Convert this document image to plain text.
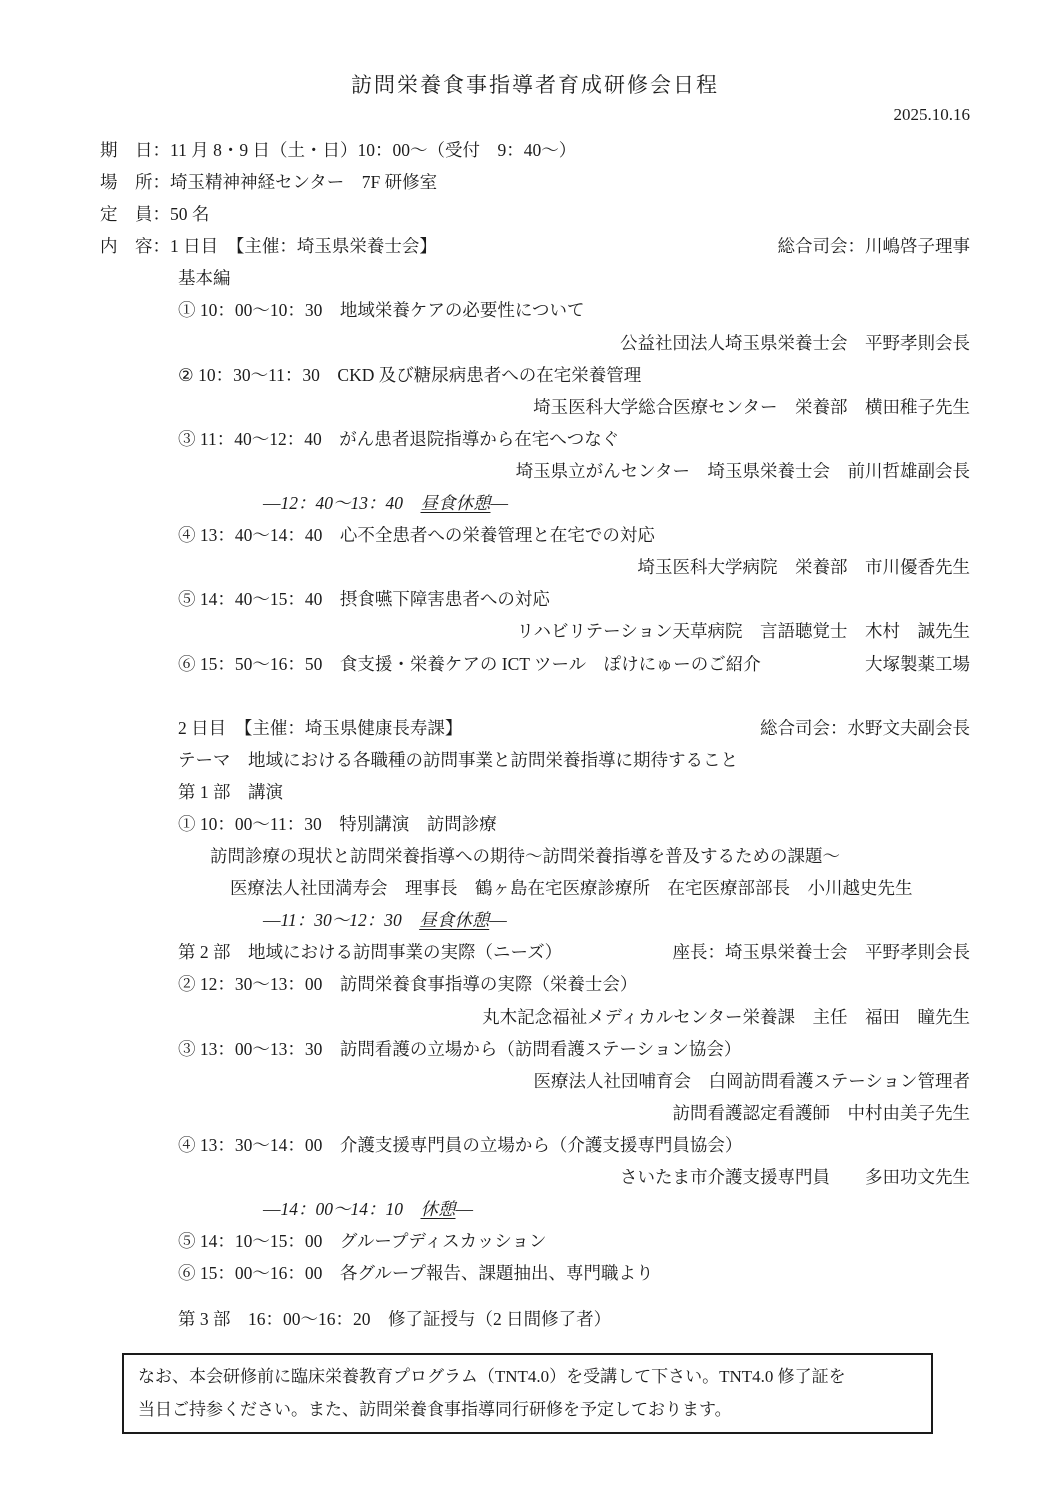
訪問栄養食事指導者育成研修会日程
2025.10.16
期　日：11 月 8・9 日（土・日）10：00～（受付　9：40～）
場　所：埼玉精神神経センター　7F 研修室
定　員：50 名
内　容：1 日目　【主催：埼玉県栄養士会】	総合司会：川嶋啓子理事
基本編
① 10：00～10：30　地域栄養ケアの必要性について
公益社団法人埼玉県栄養士会　平野孝則会長
② 10：30～11：30　CKD 及び糖尿病患者への在宅栄養管理
埼玉医科大学総合医療センター　栄養部　横田稚子先生
③ 11：40～12：40　がん患者退院指導から在宅へつなぐ
埼玉県立がんセンター　埼玉県栄養士会　前川哲雄副会長
―12：40～13：40　昼食休憩―
④ 13：40～14：40　心不全患者への栄養管理と在宅での対応
埼玉医科大学病院　栄養部　市川優香先生
⑤ 14：40～15：40　摂食嚥下障害患者への対応
リハビリテーション天草病院　言語聴覚士　木村　誠先生
⑥ 15：50～16：50　食支援・栄養ケアの ICT ツール　ぽけにゅーのご紹介	大塚製薬工場
2 日目　【主催：埼玉県健康長寿課】	総合司会：水野文夫副会長
テーマ　地域における各職種の訪問事業と訪問栄養指導に期待すること
第 1 部　講演
① 10：00～11：30　特別講演　訪問診療
訪問診療の現状と訪問栄養指導への期待～訪問栄養指導を普及するための課題～
医療法人社団満寿会　理事長　鶴ヶ島在宅医療診療所　在宅医療部部長　小川越史先生
―11：30～12：30　昼食休憩―
第 2 部　地域における訪問事業の実際（ニーズ）	座長：埼玉県栄養士会　平野孝則会長
② 12：30～13：00　訪問栄養食事指導の実際（栄養士会）
丸木記念福祉メディカルセンター栄養課　主任　福田　瞳先生
③ 13：00～13：30　訪問看護の立場から（訪問看護ステーション協会）
医療法人社団哺育会　白岡訪問看護ステーション管理者
訪問看護認定看護師　中村由美子先生
④ 13：30～14：00　介護支援専門員の立場から（介護支援専門員協会）
さいたま市介護支援専門員　　多田功文先生
―14：00～14：10　休憩―
⑤ 14：10～15：00　グループディスカッション
⑥ 15：00～16：00　各グループ報告、課題抽出、専門職より
第 3 部　16：00～16：20　修了証授与（2 日間修了者）
なお、本会研修前に臨床栄養教育プログラム（TNT4.0）を受講して下さい。TNT4.0 修了証を
当日ご持参ください。また、訪問栄養食事指導同行研修を予定しております。
